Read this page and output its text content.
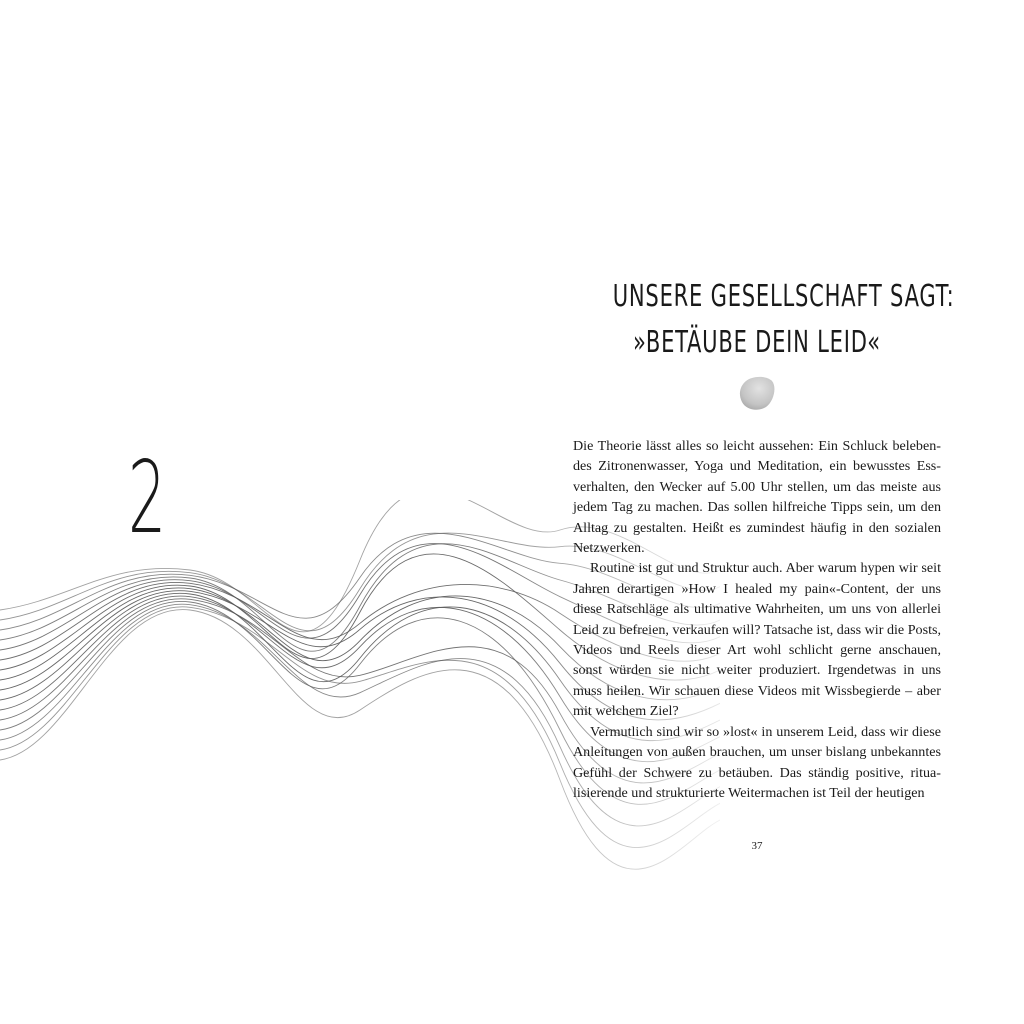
2
UNSERE GESELLSCHAFT SAGT:
»BETÄUBE DEIN LEID«

Die Theorie lässt alles so leicht aussehen: Ein Schluck belebendes Zitronenwasser, Yoga und Meditation, ein bewusstes Essverhalten, den Wecker auf 5.00 Uhr stellen, um das meiste aus jedem Tag zu machen. Das sollen hilfreiche Tipps sein, um den Alltag zu gestalten. Heißt es zumindest häufig in den sozialen Netzwerken.

Routine ist gut und Struktur auch. Aber warum hypen wir seit Jahren derartigen »How I healed my pain«-Content, der uns diese Ratschläge als ultimative Wahrheiten, um uns von allerlei Leid zu befreien, verkaufen will? Tatsache ist, dass wir die Posts, Videos und Reels dieser Art wohl schlicht gerne anschauen, sonst würden sie nicht weiter produziert. Irgendetwas in uns muss heilen. Wir schauen diese Videos mit Wissbegierde – aber mit welchem Ziel?

Vermutlich sind wir so »lost« in unserem Leid, dass wir diese Anleitungen von außen brauchen, um unser bislang unbekanntes Gefühl der Schwere zu betäuben. Das ständig positive, ritualisierende und strukturierte Weitermachen ist Teil der heutigen

37
